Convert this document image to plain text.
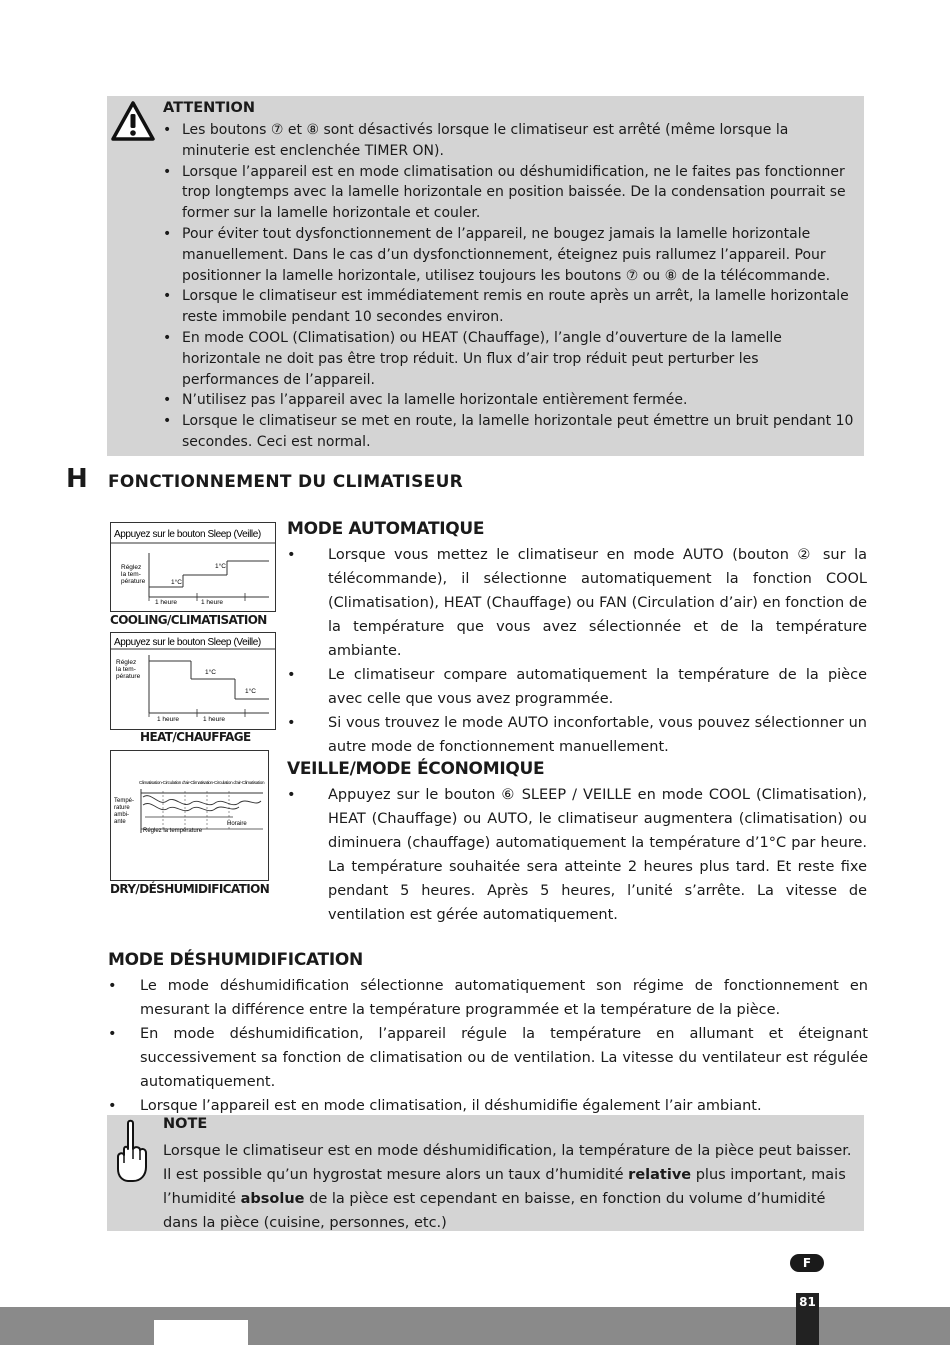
ATTENTION
• Les boutons ⑦ et ⑧ sont désactivés lorsque le climatiseur est arrêté (même lorsque la minuterie est enclenchée TIMER ON).
• Lorsque l’appareil est en mode climatisation ou déshumidification, ne le faites pas fonctionner trop longtemps avec la lamelle horizontale en position baissée. De la condensation pourrait se former sur la lamelle horizontale et couler.
• Pour éviter tout dysfonctionnement de l’appareil, ne bougez jamais la lamelle horizontale manuellement. Dans le cas d’un dysfonctionnement, éteignez puis rallumez l’appareil. Pour positionner la lamelle horizontale, utilisez toujours les boutons ⑦ ou ⑧ de la télécommande.
• Lorsque le climatiseur est immédiatement remis en route après un arrêt, la lamelle horizontale reste immobile pendant 10 secondes environ.
• En mode COOL (Climatisation) ou HEAT (Chauffage), l’angle d’ouverture de la lamelle horizontale ne doit pas être trop réduit. Un flux d’air trop réduit peut perturber les performances de l’appareil.
• N’utilisez pas l’appareil avec la lamelle horizontale entièrement fermée.
• Lorsque le climatiseur se met en route, la lamelle horizontale peut émettre un bruit pendant 10 secondes. Ceci est normal.
H FONCTIONNEMENT DU CLIMATISEUR
Appuyez sur le bouton Sleep (Veille)
Réglez
la tem-
pérature	1°C
1°C
1 heure	1 heure
COOLING/CLIMATISATION
Appuyez sur le bouton Sleep (Veille)
Réglez
la tem-
pérature
1°C
1°C
1 heure	1 heure
HEAT/CHAUFFAGE
Climatisation-Circulation d’air-Climatisation-Circulation d’air-Climatisation
Tempé-
rature
ambi-
ante
Réglez la température
Horaire
DRY/DÉSHUMIDIFICATION
MODE AUTOMATIQUE
• Lorsque vous mettez le climatiseur en mode AUTO (bouton ② sur la télécommande), il sélectionne automatiquement la fonction COOL (Climatisation), HEAT (Chauffage) ou FAN (Circulation d’air) en fonction de la température que vous avez sélectionnée et de la température ambiante.
• Le climatiseur compare automatiquement la température de la pièce avec celle que vous avez programmée.
• Si vous trouvez le mode AUTO inconfortable, vous pouvez sélectionner un autre mode de fonctionnement manuellement.
VEILLE/MODE ÉCONOMIQUE
• Appuyez sur le bouton ⑥ SLEEP / VEILLE en mode COOL (Climatisation), HEAT (Chauffage) ou AUTO, le climatiseur augmentera (climatisation) ou diminuera (chauffage) automatiquement la température d’1°C par heure. La température souhaitée sera atteinte 2 heures plus tard. Et reste fixe pendant 5 heures. Après 5 heures, l’unité s’arrête. La vitesse de ventilation est gérée automatiquement.
MODE DÉSHUMIDIFICATION
• Le mode déshumidification sélectionne automatiquement son régime de fonctionnement en mesurant la différence entre la température programmée et la température de la pièce.
• En mode déshumidification, l’appareil régule la température en allumant et éteignant successivement sa fonction de climatisation ou de ventilation. La vitesse du ventilateur est régulée automatiquement.
• Lorsque l’appareil est en mode climatisation, il déshumidifie également l’air ambiant.
NOTE
Lorsque le climatiseur est en mode déshumidification, la température de la pièce peut baisser. Il est possible qu’un hygrostat mesure alors un taux d’humidité relative plus important, mais l’humidité absolue de la pièce est cependant en baisse, en fonction du volume d’humidité dans la pièce (cuisine, personnes, etc.)
F
81
